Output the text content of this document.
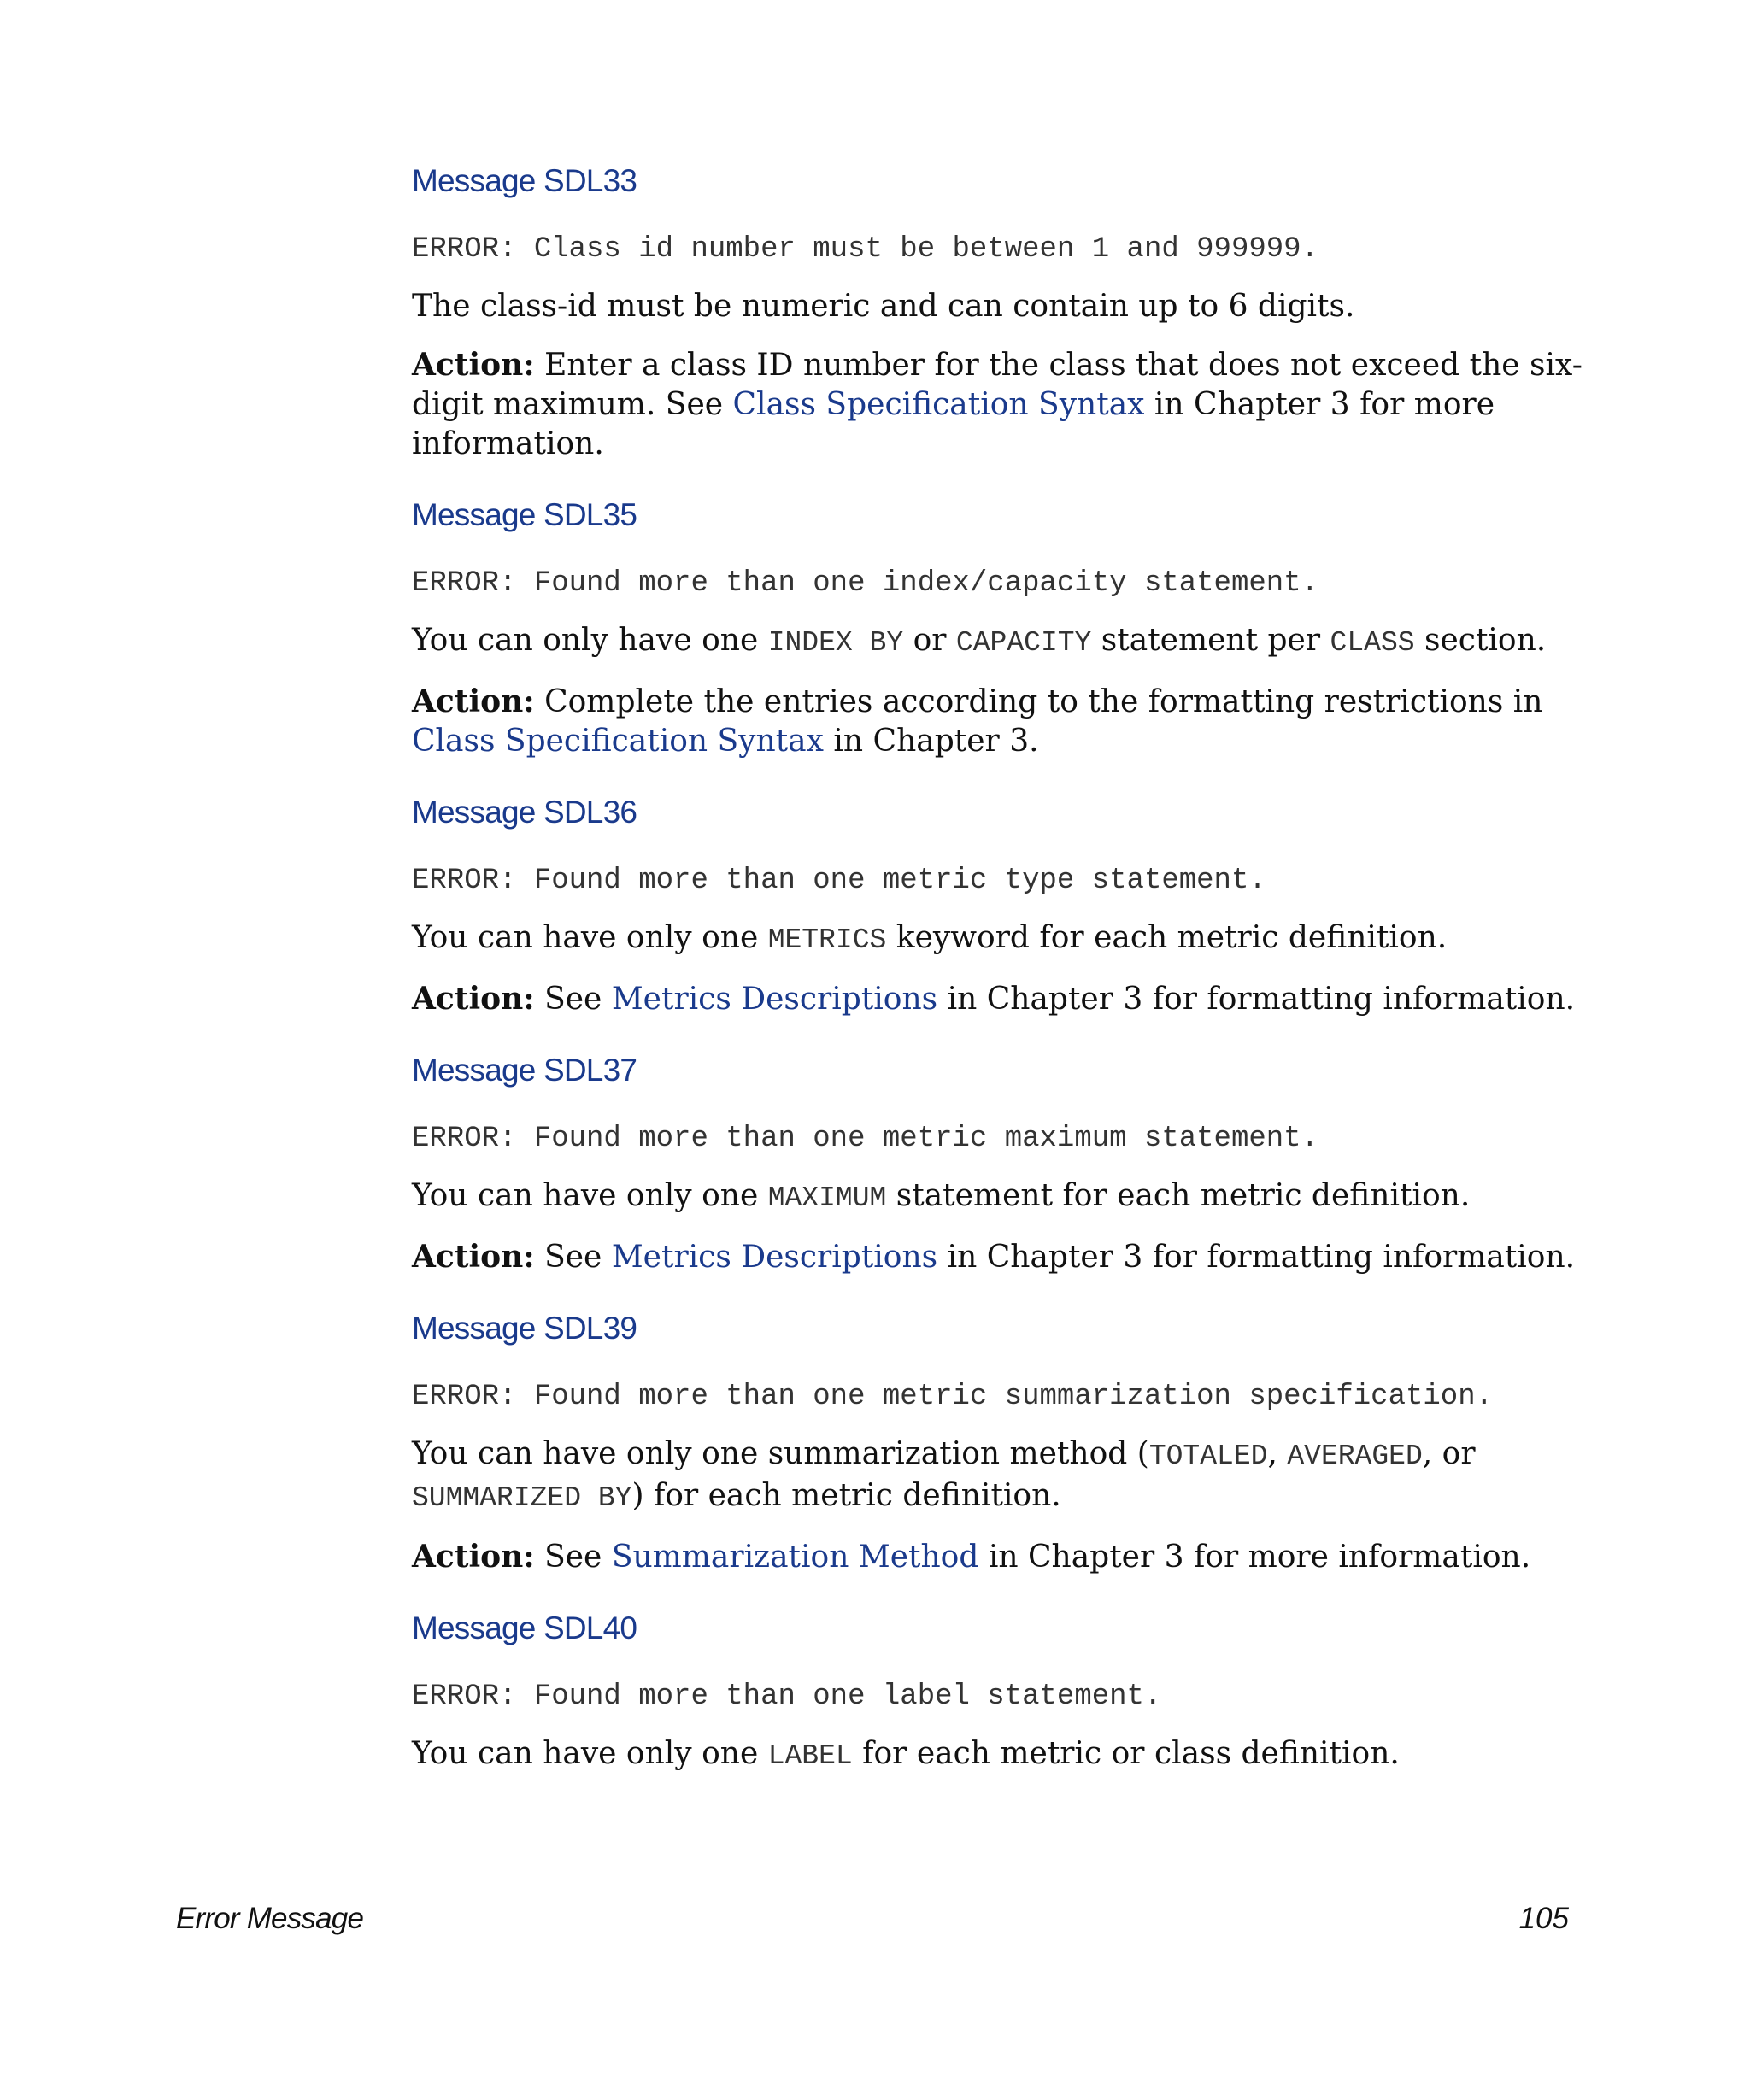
Message SDL33
ERROR: Class id number must be between 1 and 999999.

The class-id must be numeric and can contain up to 6 digits.

Action: Enter a class ID number for the class that does not exceed the six-digit maximum. See Class Specification Syntax in Chapter 3 for more information.

Message SDL35
ERROR: Found more than one index/capacity statement.

You can only have one INDEX BY or CAPACITY statement per CLASS section.

Action: Complete the entries according to the formatting restrictions in Class Specification Syntax in Chapter 3.

Message SDL36
ERROR: Found more than one metric type statement.

You can have only one METRICS keyword for each metric definition.

Action: See Metrics Descriptions in Chapter 3 for formatting information.

Message SDL37
ERROR: Found more than one metric maximum statement.

You can have only one MAXIMUM statement for each metric definition.

Action: See Metrics Descriptions in Chapter 3 for formatting information.

Message SDL39
ERROR: Found more than one metric summarization specification.

You can have only one summarization method (TOTALED, AVERAGED, or
SUMMARIZED BY) for each metric definition.

Action: See Summarization Method in Chapter 3 for more information.

Message SDL40
ERROR: Found more than one label statement.

You can have only one LABEL for each metric or class definition.

Error Message	105
